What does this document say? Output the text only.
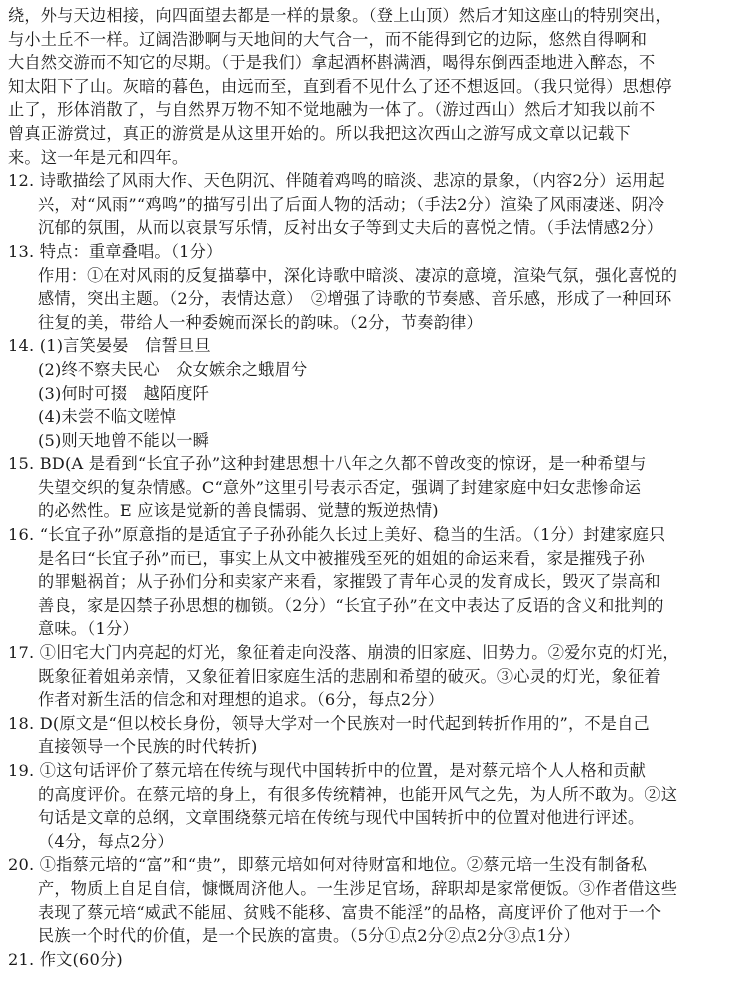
绕，外与天边相接，向四面望去都是一样的景象。（登上山顶）然后才知这座山的特别突出，
与小土丘不一样。辽阔浩渺啊与天地间的大气合一，而不能得到它的边际，悠然自得啊和
大自然交游而不知它的尽期。（于是我们）拿起酒杯斟满酒，喝得东倒西歪地进入醉态，不
知太阳下了山。灰暗的暮色，由远而至，直到看不见什么了还不想返回。（我只觉得）思想停
止了，形体消散了，与自然界万物不知不觉地融为一体了。（游过西山）然后才知我以前不
曾真正游赏过，真正的游赏是从这里开始的。所以我把这次西山之游写成文章以记载下
来。这一年是元和四年。
12. 诗歌描绘了风雨大作、天色阴沉、伴随着鸡鸣的暗淡、悲凉的景象，（内容2分）运用起
兴，对“风雨”“鸡鸣”的描写引出了后面人物的活动；（手法2分）渲染了风雨凄迷、阴冷
沉郁的氛围，从而以哀景写乐情，反衬出女子等到丈夫后的喜悦之情。（手法情感2分）
13. 特点：重章叠唱。（1分）
作用：①在对风雨的反复描摹中，深化诗歌中暗淡、凄凉的意境，渲染气氛，强化喜悦的
感情，突出主题。（2分，表情达意）　②增强了诗歌的节奏感、音乐感，形成了一种回环
往复的美，带给人一种委婉而深长的韵味。（2分，节奏韵律）
14. (1)言笑晏晏　信誓旦旦
(2)终不察夫民心　众女嫉余之蛾眉兮
(3)何时可掇　越陌度阡
(4)未尝不临文嗟悼
(5)则天地曾不能以一瞬
15. BD(A 是看到“长宜子孙”这种封建思想十八年之久都不曾改变的惊讶，是一种希望与
失望交织的复杂情感。C“意外”这里引号表示否定，强调了封建家庭中妇女悲惨命运
的必然性。E 应该是觉新的善良懦弱、觉慧的叛逆热情)
16. “长宜子孙”原意指的是适宜子子孙孙能久长过上美好、稳当的生活。（1分）封建家庭只
是名曰“长宜子孙”而已，事实上从文中被摧残至死的姐姐的命运来看，家是摧残子孙
的罪魁祸首；从子孙们分和卖家产来看，家摧毁了青年心灵的发育成长，毁灭了崇高和
善良，家是囚禁子孙思想的枷锁。（2分）“长宜子孙”在文中表达了反语的含义和批判的
意味。（1分）
17. ①旧宅大门内亮起的灯光，象征着走向没落、崩溃的旧家庭、旧势力。②爱尔克的灯光，
既象征着姐弟亲情，又象征着旧家庭生活的悲剧和希望的破灭。③心灵的灯光，象征着
作者对新生活的信念和对理想的追求。（6分，每点2分）
18. D(原文是“但以校长身份，领导大学对一个民族对一时代起到转折作用的”，不是自己
直接领导一个民族的时代转折)
19. ①这句话评价了蔡元培在传统与现代中国转折中的位置，是对蔡元培个人人格和贡献
的高度评价。在蔡元培的身上，有很多传统精神，也能开风气之先，为人所不敢为。②这
句话是文章的总纲，文章围绕蔡元培在传统与现代中国转折中的位置对他进行评述。
（4分，每点2分）
20. ①指蔡元培的“富”和“贵”，即蔡元培如何对待财富和地位。②蔡元培一生没有制备私
产，物质上自足自信，慷慨周济他人。一生涉足官场，辞职却是家常便饭。③作者借这些
表现了蔡元培“威武不能屈、贫贱不能移、富贵不能淫”的品格，高度评价了他对于一个
民族一个时代的价值，是一个民族的富贵。（5分①点2分②点2分③点1分）
21. 作文(60分)
